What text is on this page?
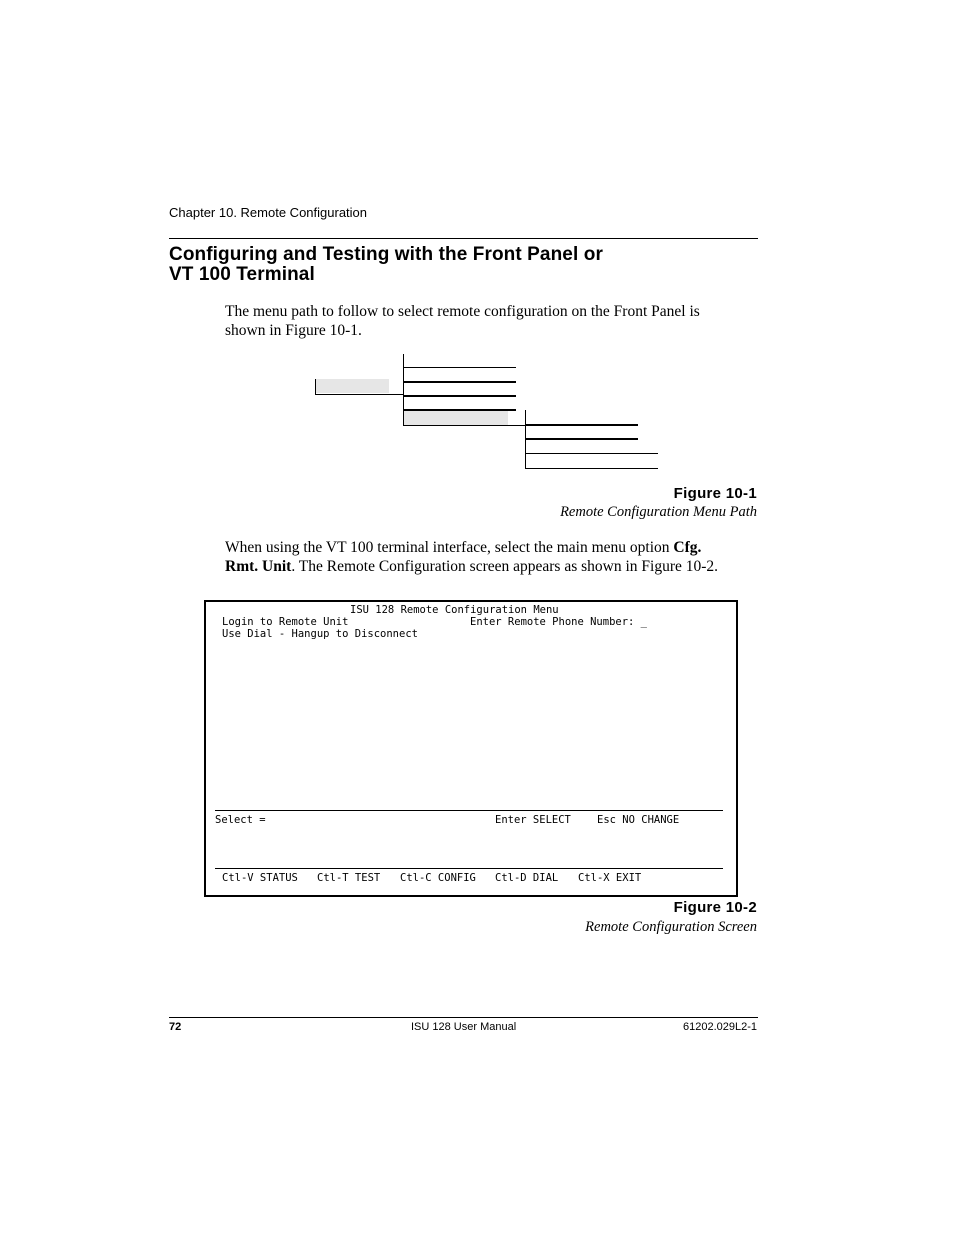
Chapter 10. Remote Configuration
Configuring and Testing with the Front Panel or
VT 100 Terminal
The menu path to follow to select remote configuration on the Front Panel is
shown in Figure 10-1.
Figure 10-1
Remote Configuration Menu Path
When using the VT 100 terminal interface, select the main menu option Cfg.
Rmt. Unit. The Remote Configuration screen appears as shown in Figure 10-2.
ISU 128 Remote Configuration Menu
Login to Remote Unit	Enter Remote Phone Number: _
Use Dial - Hangup to Disconnect
Select =	Enter SELECT Esc NO CHANGE
Ctl-V STATUS Ctl-T TEST Ctl-C CONFIG Ctl-D DIAL Ctl-X EXIT
Figure 10-2
Remote Configuration Screen
72	ISU 128 User Manual	61202.029L2-1
